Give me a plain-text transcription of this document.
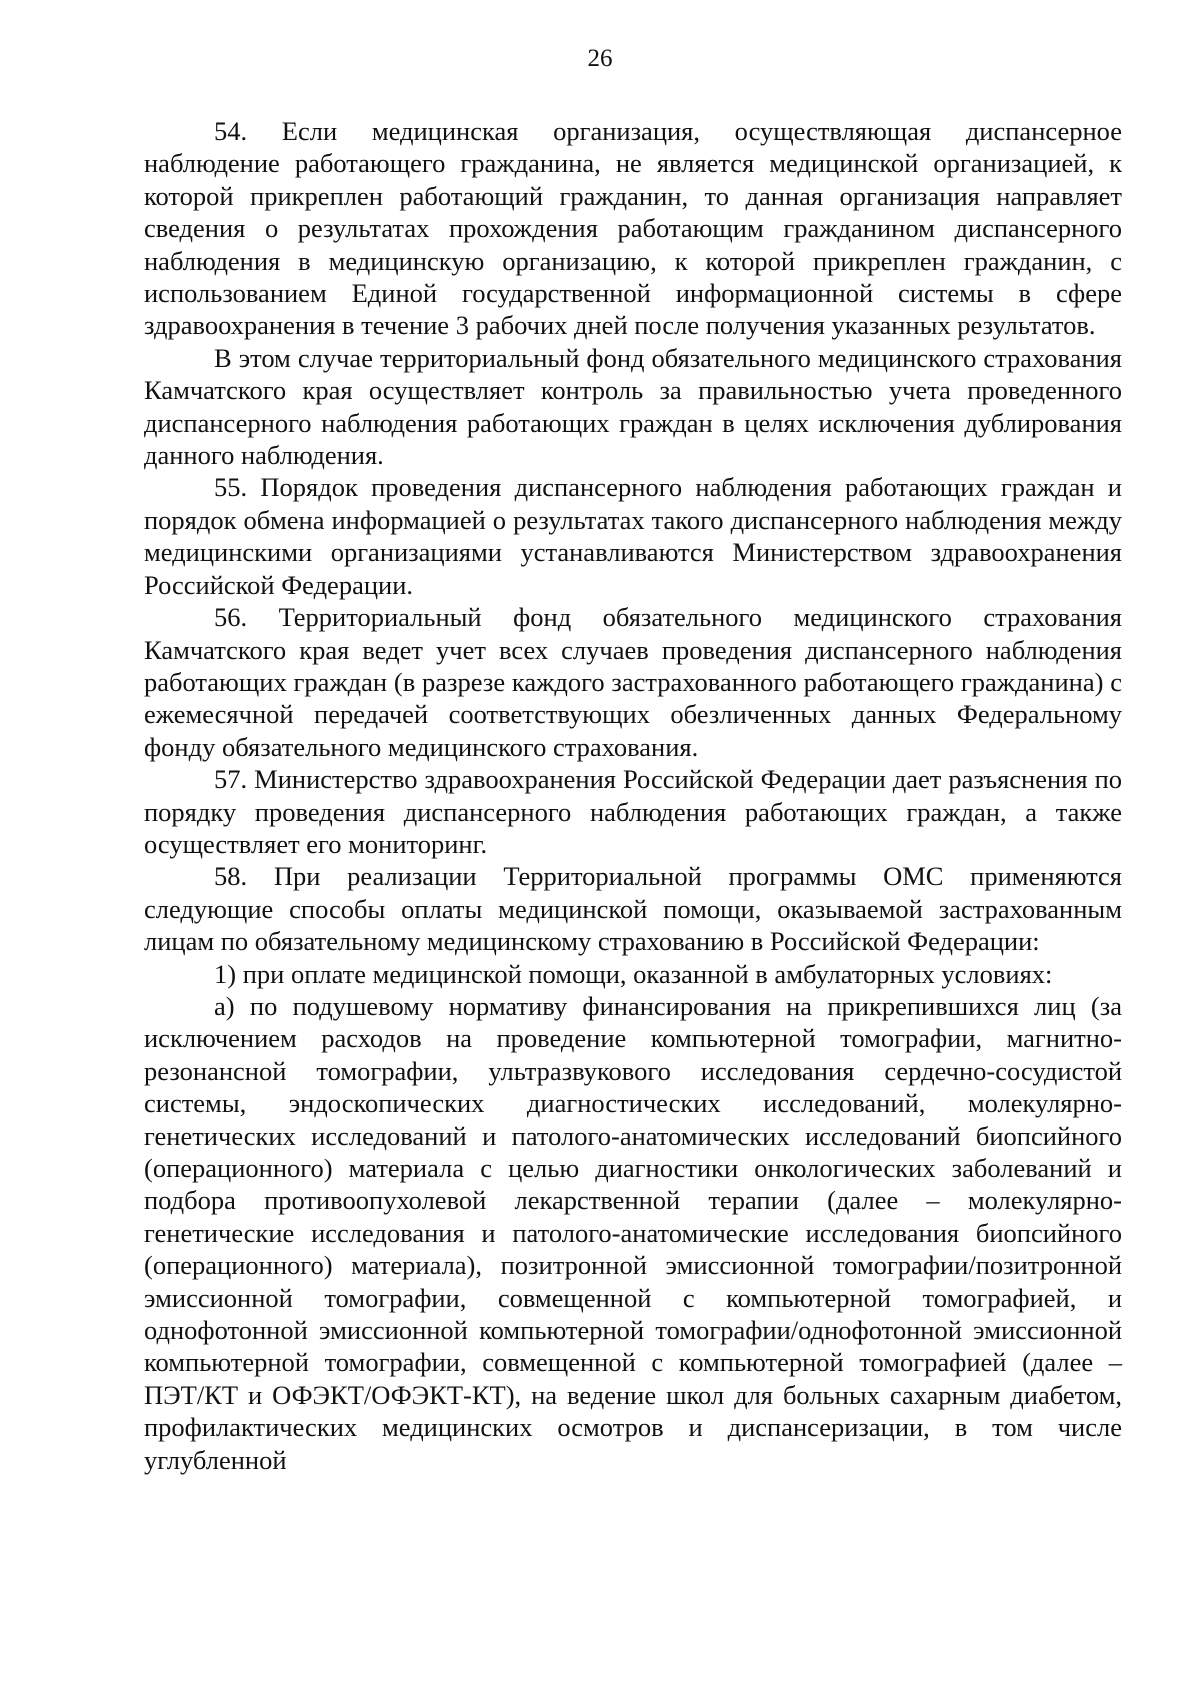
26

54. Если медицинская организация, осуществляющая диспансерное наблюдение работающего гражданина, не является медицинской организацией, к которой прикреплен работающий гражданин, то данная организация направляет сведения о результатах прохождения работающим гражданином диспансерного наблюдения в медицинскую организацию, к которой прикреплен гражданин, с использованием Единой государственной информационной системы в сфере здравоохранения в течение 3 рабочих дней после получения указанных результатов.

В этом случае территориальный фонд обязательного медицинского страхования Камчатского края осуществляет контроль за правильностью учета проведенного диспансерного наблюдения работающих граждан в целях исключения дублирования данного наблюдения.

55. Порядок проведения диспансерного наблюдения работающих граждан и порядок обмена информацией о результатах такого диспансерного наблюдения между медицинскими организациями устанавливаются Министерством здравоохранения Российской Федерации.

56. Территориальный фонд обязательного медицинского страхования Камчатского края ведет учет всех случаев проведения диспансерного наблюдения работающих граждан (в разрезе каждого застрахованного работающего гражданина) с ежемесячной передачей соответствующих обезличенных данных Федеральному фонду обязательного медицинского страхования.

57. Министерство здравоохранения Российской Федерации дает разъяснения по порядку проведения диспансерного наблюдения работающих граждан, а также осуществляет его мониторинг.

58. При реализации Территориальной программы ОМС применяются следующие способы оплаты медицинской помощи, оказываемой застрахованным лицам по обязательному медицинскому страхованию в Российской Федерации:

1) при оплате медицинской помощи, оказанной в амбулаторных условиях:

а) по подушевому нормативу финансирования на прикрепившихся лиц (за исключением расходов на проведение компьютерной томографии, магнитно-резонансной томографии, ультразвукового исследования сердечно-сосудистой системы, эндоскопических диагностических исследований, молекулярно-генетических исследований и патолого-анатомических исследований биопсийного (операционного) материала с целью диагностики онкологических заболеваний и подбора противоопухолевой лекарственной терапии (далее – молекулярно-генетические исследования и патолого-анатомические исследования биопсийного (операционного) материала), позитронной эмиссионной томографии/позитронной эмиссионной томографии, совмещенной с компьютерной томографией, и однофотонной эмиссионной компьютерной томографии/однофотонной эмиссионной компьютерной томографии, совмещенной с компьютерной томографией (далее – ПЭТ/КТ и ОФЭКТ/ОФЭКТ-КТ), на ведение школ для больных сахарным диабетом, профилактических медицинских осмотров и диспансеризации, в том числе углубленной
